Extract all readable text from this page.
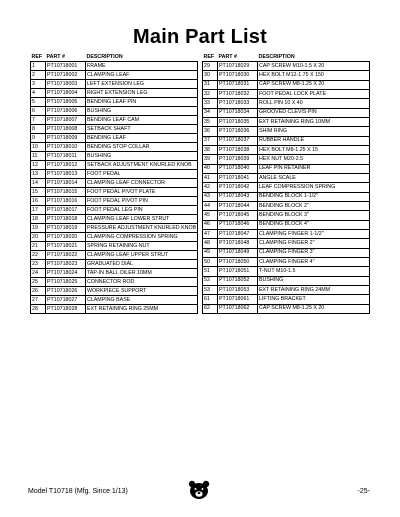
Main Part List
REF	PART #	DESCRIPTION
1	PT10718001	FRAME
2	PT10718002	CLAMPING LEAF
3	PT10718003	LEFT EXTENSION LEG
4	PT10718004	RIGHT EXTENSION LEG
5	PT10718005	BENDING LEAF PIN
6	PT10718006	BUSHING
7	PT10718007	BENDING LEAF CAM
8	PT10718008	SETBACK SHAFT
9	PT10718009	BENDING LEAF
10	PT10718010	BENDING STOP COLLAR
11	PT10718011	BUSHING
12	PT10718012	SETBACK ADJUSTMENT KNURLED KNOB
13	PT10718013	FOOT PEDAL
14	PT10718014	CLAMPING LEAF CONNECTOR
15	PT10718015	FOOT PEDAL PIVOT PLATE
16	PT10718016	FOOT PEDAL PIVOT PIN
17	PT10718017	FOOT PEDAL LEG PIN
18	PT10718018	CLAMPING LEAF LOWER STRUT
19	PT10718019	PRESSURE ADJUSTMENT KNURLED KNOB
20	PT10718020	CLAMPING COMPRESSION SPRING
21	PT10718021	SPRING RETAINING NUT
22	PT10718022	CLAMPING LEAF UPPER STRUT
23	PT10718023	GRADUATED DIAL
24	PT10718024	TAP-IN BALL OILER 10MM
25	PT10718025	CONNECTOR ROD
26	PT10718026	WORKPIECE SUPPORT
27	PT10718027	CLAMPING BASE
28	PT10718028	EXT RETAINING RING 25MM
REF	PART #	DESCRIPTION
29	PT10718029	CAP SCREW M10-1.5 X 20
30	PT10718030	HEX BOLT M12-1.75 X 150
31	PT10718031	CAP SCREW M8-1.25 X 20
32	PT10718032	FOOT PEDAL LOCK PLATE
33	PT10718033	ROLL PIN 10 X 40
34	PT10718034	GROOVED CLEVIS PIN
35	PT10718035	EXT RETAINING RING 10MM
36	PT10718036	SHIM RING
37	PT10718037	RUBBER HANDLE
38	PT10718038	HEX BOLT M8-1.25 X 15
39	PT10718039	HEX NUT M20-2.5
40	PT10718040	LEAF PIN RETAINER
41	PT10718041	ANGLE SCALE
42	PT10718042	LEAF COMPRESSION SPRING
43	PT10718043	BENDING BLOCK 1-1/2"
44	PT10718044	BENDING BLOCK 2"
45	PT10718045	BENDING BLOCK 3"
46	PT10718046	BENDING BLOCK 4"
47	PT10718047	CLAMPING FINGER 1-1/2"
48	PT10718048	CLAMPING FINGER 2"
49	PT10718049	CLAMPING FINGER 3"
50	PT10718050	CLAMPING FINGER 4"
51	PT10718051	T-NUT M10-1.5
52	PT10718052	BUSHING
53	PT10718053	EXT RETAINING RING 24MM
61	PT10718061	LIFTING BRACKET
62	PT10718062	CAP SCREW M8-1.25 X 20
Model T10718 (Mfg. Since 1/13)	-25-
